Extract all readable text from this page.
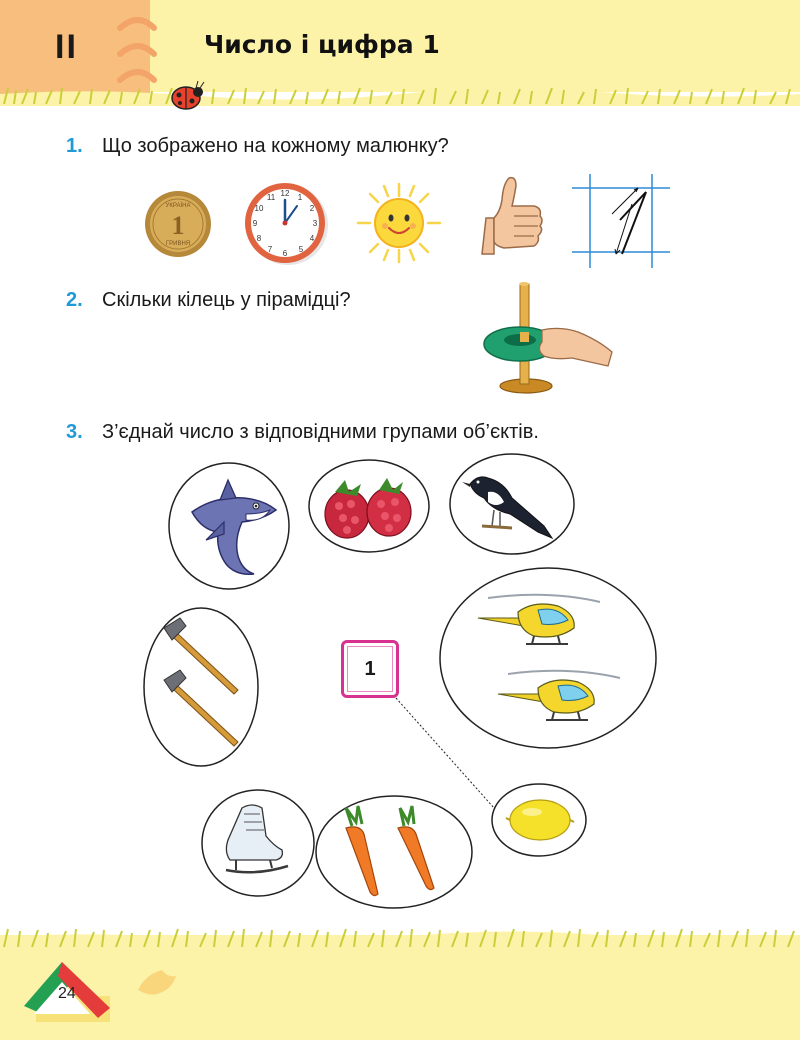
ІІ	Число і цифра 1
1. Що зображено на кожному малюнку?
УКРАЇНА
1
ГРИВНЯ
12 1
2
3
4
5
6
7
8
9
10
11
2. Скільки кілець у пірамідці?
3. З’єднай число з відповідними групами об’єктів.
1
24
